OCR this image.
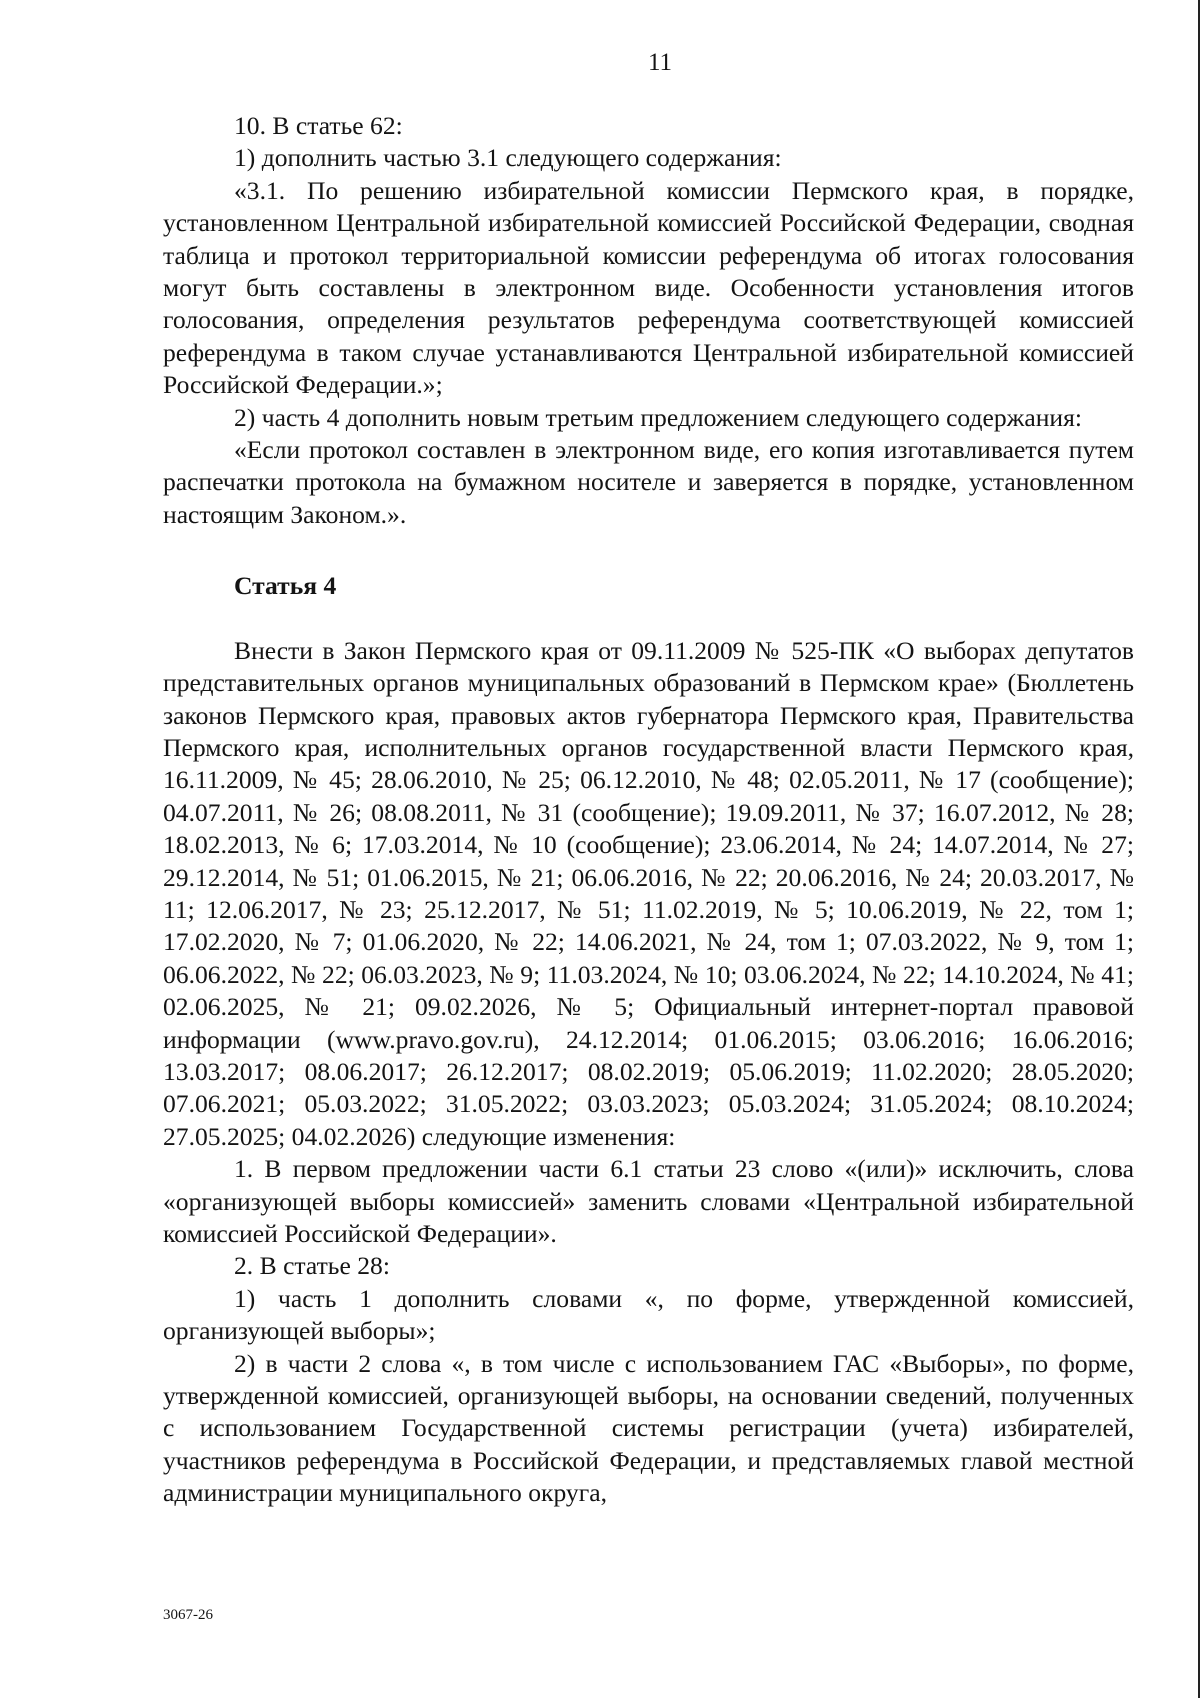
11

10. В статье 62:

1) дополнить частью 3.1 следующего содержания:

«3.1. По решению избирательной комиссии Пермского края, в порядке, установленном Центральной избирательной комиссией Российской Федерации, сводная таблица и протокол территориальной комиссии референдума об итогах голосования могут быть составлены в электронном виде. Особенности установления итогов голосования, определения результатов референдума соответствующей комиссией референдума в таком случае устанавливаются Центральной избирательной комиссией Российской Федерации.»;

2) часть 4 дополнить новым третьим предложением следующего содержания:

«Если протокол составлен в электронном виде, его копия изготавливается путем распечатки протокола на бумажном носителе и заверяется в порядке, установленном настоящим Законом.».

Статья 4

Внести в Закон Пермского края от 09.11.2009 № 525-ПК «О выборах депутатов представительных органов муниципальных образований в Пермском крае» (Бюллетень законов Пермского края, правовых актов губернатора Пермского края, Правительства Пермского края, исполнительных органов государственной власти Пермского края, 16.11.2009, № 45; 28.06.2010, № 25; 06.12.2010, № 48; 02.05.2011, № 17 (сообщение); 04.07.2011, № 26; 08.08.2011, № 31 (сообщение); 19.09.2011, № 37; 16.07.2012, № 28; 18.02.2013, № 6; 17.03.2014, № 10 (сообщение); 23.06.2014, № 24; 14.07.2014, № 27; 29.12.2014, № 51; 01.06.2015, № 21; 06.06.2016, № 22; 20.06.2016, № 24; 20.03.2017, № 11; 12.06.2017, № 23; 25.12.2017, № 51; 11.02.2019, № 5; 10.06.2019, № 22, том 1; 17.02.2020, № 7; 01.06.2020, № 22; 14.06.2021, № 24, том 1; 07.03.2022, № 9, том 1; 06.06.2022, № 22; 06.03.2023, № 9; 11.03.2024, № 10; 03.06.2024, № 22; 14.10.2024, № 41; 02.06.2025, № 21; 09.02.2026, № 5; Официальный интернет-портал правовой информации (www.pravo.gov.ru), 24.12.2014; 01.06.2015; 03.06.2016; 16.06.2016; 13.03.2017; 08.06.2017; 26.12.2017; 08.02.2019; 05.06.2019; 11.02.2020; 28.05.2020; 07.06.2021; 05.03.2022; 31.05.2022; 03.03.2023; 05.03.2024; 31.05.2024; 08.10.2024; 27.05.2025; 04.02.2026) следующие изменения:

1. В первом предложении части 6.1 статьи 23 слово «(или)» исключить, слова «организующей выборы комиссией» заменить словами «Центральной избирательной комиссией Российской Федерации».

2. В статье 28:

1) часть 1 дополнить словами «, по форме, утвержденной комиссией, организующей выборы»;

2) в части 2 слова «, в том числе с использованием ГАС «Выборы», по форме, утвержденной комиссией, организующей выборы, на основании сведений, полученных с использованием Государственной системы регистрации (учета) избирателей, участников референдума в Российской Федерации, и представляемых главой местной администрации муниципального округа,

3067-26
